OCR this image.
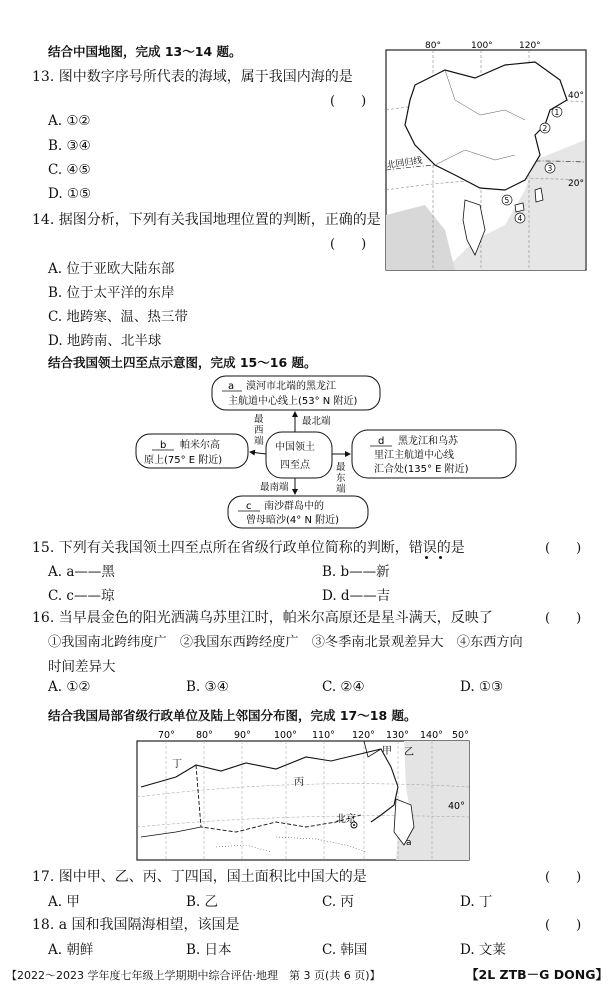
结合中国地图，完成 13～14 题。
13. 图中数字序号所代表的海域，属于我国内海的是
(　　)
A. ①②
B. ③④
C. ④⑤
D. ①⑤
14. 据图分析，下列有关我国地理位置的判断，正确的是
(　　)
A. 位于亚欧大陆东部
B. 位于太平洋的东岸
C. 地跨寒、温、热三带
D. 地跨南、北半球
80°	100°	120°
40°
20°
北回归线
1
2
3
4
5
结合我国领土四至点示意图，完成 15～16 题。
a 漠河市北端的黑龙江
主航道中心线上(53° N 附近)
中国领土
四至点
b 帕米尔高
原上(75° E 附近)
d 黑龙江和乌苏
里江主航道中心线
汇合处(135° E 附近)
c 南沙群岛中的
曾母暗沙(4° N 附近)
最北端
最
西
端
最
东
端
最南端
15. 下列有关我国领土四至点所在省级行政单位简称的判断，错误的是	(　　)
A. a——黑	B. b——新
C. c——琼	D. d——吉
16. 当早晨金色的阳光洒满乌苏里江时，帕米尔高原还是星斗满天，反映了	(　　)
①我国南北跨纬度广　②我国东西跨经度广　③冬季南北景观差异大　④东西方向
时间差异大
A. ①②	B. ③④	C. ②④	D. ①③
结合我国局部省级行政单位及陆上邻国分布图，完成 17～18 题。
70° 80° 90° 100° 110° 120° 130° 140° 50°
40°
甲 乙
丙
丁
a
北京
17. 图中甲、乙、丙、丁四国，国土面积比中国大的是	(　　)
A. 甲	B. 乙	C. 丙	D. 丁
18. a 国和我国隔海相望，该国是	(　　)
A. 朝鲜	B. 日本	C. 韩国	D. 文莱
【2022～2023 学年度七年级上学期期中综合评估·地理　第 3 页(共 6 页)】	【2L ZTB－G DONG】
